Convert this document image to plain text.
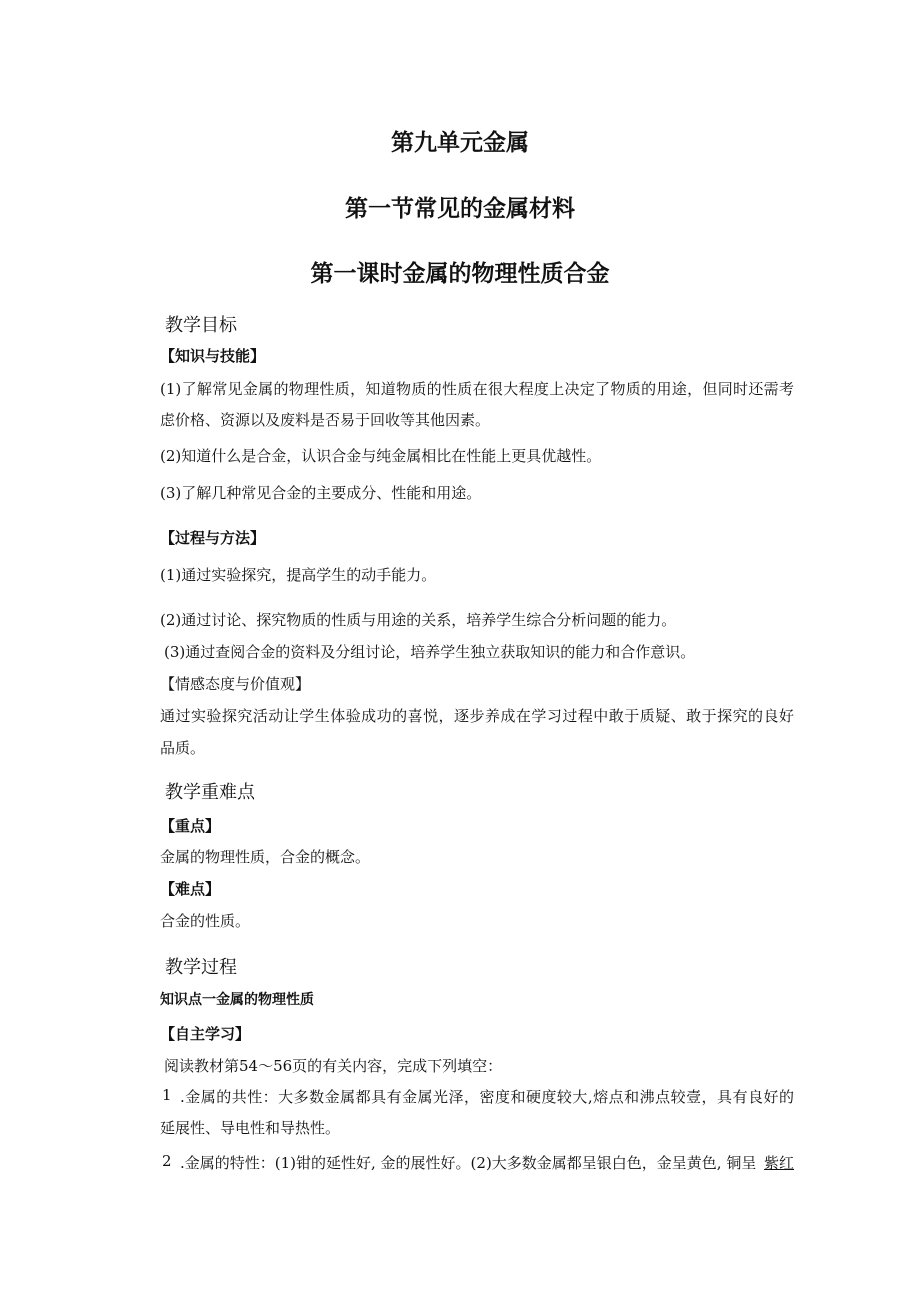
第九单元金属
第一节常见的金属材料
第一课时金属的物理性质合金
教学目标
【知识与技能】
(1)了解常见金属的物理性质，知道物质的性质在很大程度上决定了物质的用途，但同时还需考
虑价格、资源以及废料是否易于回收等其他因素。
(2)知道什么是合金，认识合金与纯金属相比在性能上更具优越性。
(3)了解几种常见合金的主要成分、性能和用途。
【过程与方法】
(1)通过实验探究，提高学生的动手能力。
(2)通过讨论、探究物质的性质与用途的关系，培养学生综合分析问题的能力。
(3)通过查阅合金的资料及分组讨论，培养学生独立获取知识的能力和合作意识。
【情感态度与价值观】
通过实验探究活动让学生体验成功的喜悦，逐步养成在学习过程中敢于质疑、敢于探究的良好
品质。
教学重难点
【重点】
金属的物理性质，合金的概念。
【难点】
合金的性质。
教学过程
知识点一金属的物理性质
【自主学习】
阅读教材第54～56页的有关内容，完成下列填空：
1 .金属的共性：大多数金属都具有金属光泽，密度和硬度较大,熔点和沸点较壹，具有良好的
延展性、导电性和导热性。
2 .金属的特性：(1)钳的延性好, 金的展性好。(2)大多数金属都呈银白色，金呈黄色, 铜呈 紫红
